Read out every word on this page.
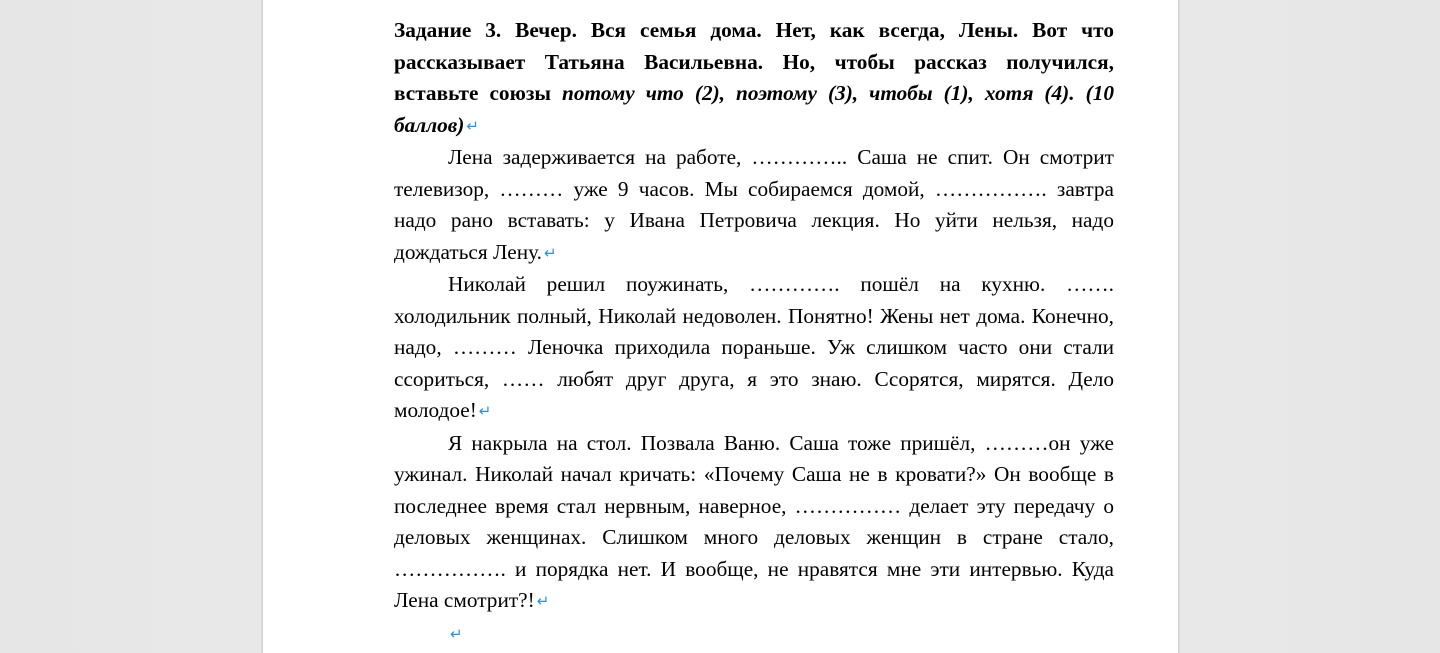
Задание 3. Вечер. Вся семья дома. Нет, как всегда, Лены. Вот что рассказывает Татьяна Васильевна. Но, чтобы рассказ получился, вставьте союзы потому что (2), поэтому (3), чтобы (1), хотя (4). (10 баллов) ↵

Лена задерживается на работе, ………….. Саша не спит. Он смотрит телевизор, ……… уже 9 часов. Мы собираемся домой, ……………. завтра надо рано вставать: у Ивана Петровича лекция. Но уйти нельзя, надо дождаться Лену. ↵

Николай решил поужинать, …………. пошёл на кухню. ……. холодильник полный, Николай недоволен. Понятно! Жены нет дома. Конечно, надо, ……… Леночка приходила пораньше. Уж слишком часто они стали ссориться, …… любят друг друга, я это знаю. Ссорятся, мирятся. Дело молодое! ↵

Я накрыла на стол. Позвала Ваню. Саша тоже пришёл, ………он уже ужинал. Николай начал кричать: «Почему Саша не в кровати?» Он вообще в последнее время стал нервным, наверное, …………… делает эту передачу о деловых женщинах. Слишком много деловых женщин в стране стало, ……………. и порядка нет. И вообще, не нравятся мне эти интервью. Куда Лена смотрит?! ↵

↵
